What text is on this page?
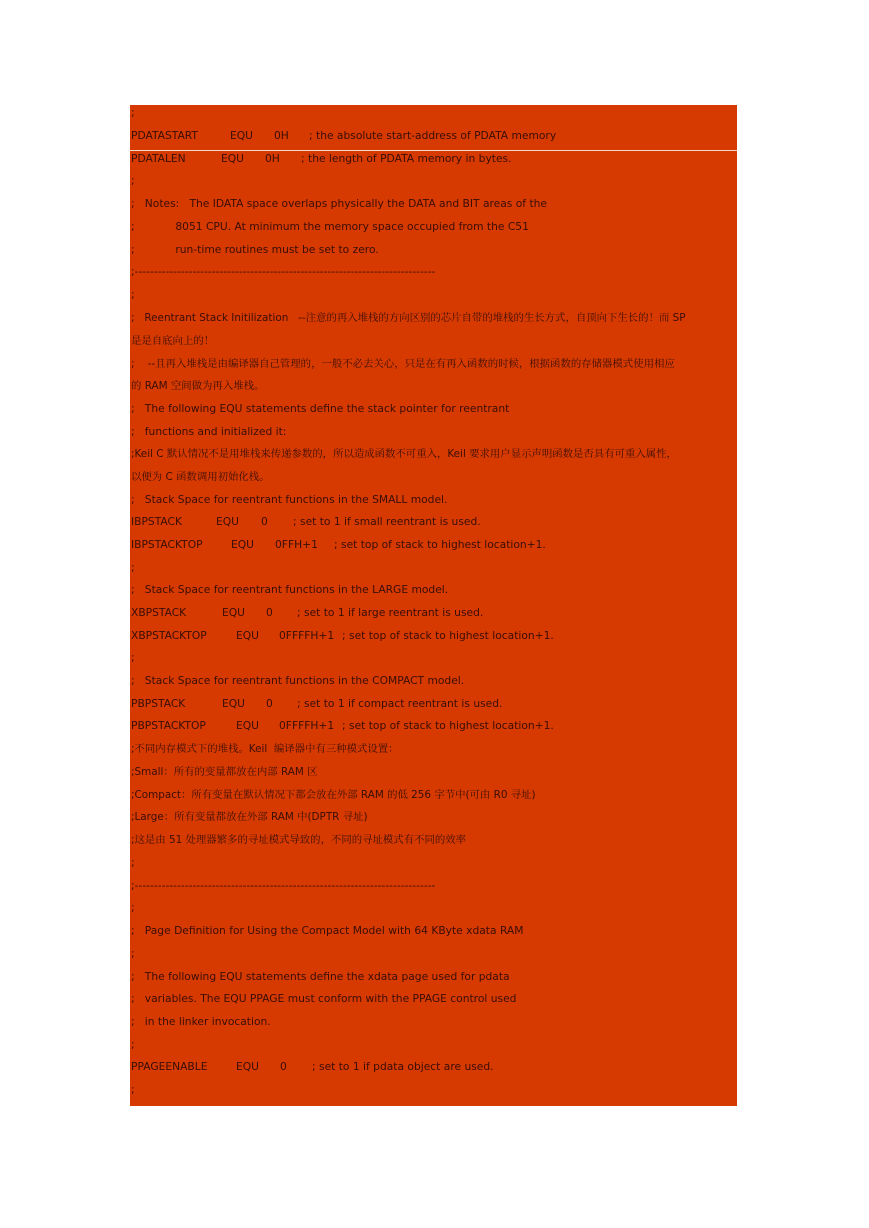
;
PDATASTART	EQU 0H ; the absolute start-address of PDATA memory
PDATALEN	EQU 0H ; the length of PDATA memory in bytes.
;
;   Notes:   The IDATA space overlaps physically the DATA and BIT areas of the
;            8051 CPU. At minimum the memory space occupied from the C51
;            run-time routines must be set to zero.
;------------------------------------------------------------------------------
;
;   Reentrant Stack Initilization   --注意的再入堆栈的方向区别的芯片自带的堆栈的生长方式，自顶向下生长的！而 SP
是是自底向上的！
;    --且再入堆栈是由编译器自己管理的，一般不必去关心，只是在有再入函数的时候，根据函数的存储器模式使用相应
的 RAM 空间做为再入堆栈。
;   The following EQU statements define the stack pointer for reentrant
;   functions and initialized it:
;Keil C 默认情况不是用堆栈来传递参数的，所以造成函数不可重入，Keil 要求用户显示声明函数是否具有可重入属性，
以便为 C 函数调用初始化栈。
;   Stack Space for reentrant functions in the SMALL model.
IBPSTACK	EQU 0 ; set to 1 if small reentrant is used.
IBPSTACKTOP	EQU 0FFH+1 ; set top of stack to highest location+1.
;
;   Stack Space for reentrant functions in the LARGE model.
XBPSTACK	EQU 0 ; set to 1 if large reentrant is used.
XBPSTACKTOP	EQU 0FFFFH+1 ; set top of stack to highest location+1.
;
;   Stack Space for reentrant functions in the COMPACT model.
PBPSTACK	EQU 0 ; set to 1 if compact reentrant is used.
PBPSTACKTOP	EQU 0FFFFH+1 ; set top of stack to highest location+1.
;不同内存模式下的堆栈。Keil  编译器中有三种模式设置：
;Small：所有的变量都放在内部 RAM 区
;Compact：所有变量在默认情况下都会放在外部 RAM 的低 256 字节中(可由 R0 寻址)
;Large：所有变量都放在外部 RAM 中(DPTR 寻址)
;这是由 51 处理器繁多的寻址模式导致的，不同的寻址模式有不同的效率
;
;------------------------------------------------------------------------------
;
;   Page Definition for Using the Compact Model with 64 KByte xdata RAM
;
;   The following EQU statements define the xdata page used for pdata
;   variables. The EQU PPAGE must conform with the PPAGE control used
;   in the linker invocation.
;
PPAGEENABLE	EQU 0 ; set to 1 if pdata object are used.
;
